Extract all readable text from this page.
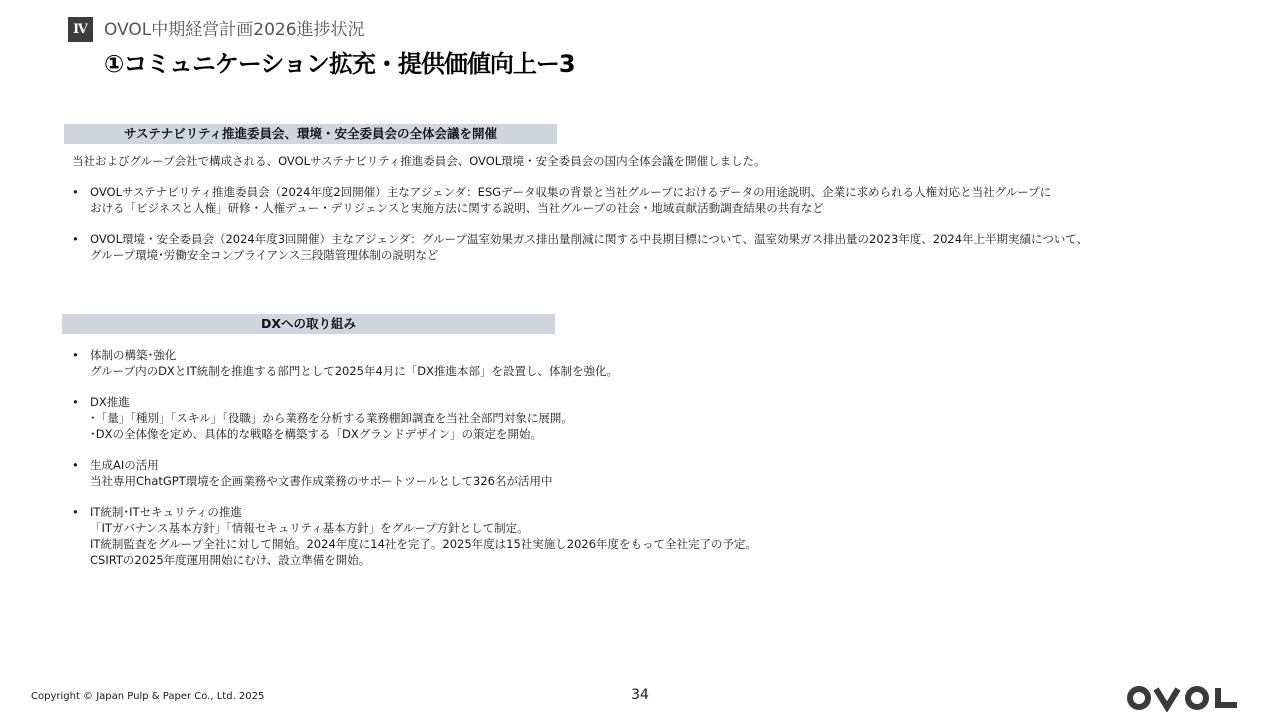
Ⅳ OVOL中期経営計画2026進捗状況
①コミュニケーション拡充・提供価値向上ー3
サステナビリティ推進委員会、環境・安全委員会の全体会議を開催
当社およびグループ会社で構成される、OVOLサステナビリティ推進委員会、OVOL環境・安全委員会の国内全体会議を開催しました。
• OVOLサステナビリティ推進委員会（2024年度2回開催）主なアジェンダ：ESGデータ収集の背景と当社グループにおけるデータの用途説明、企業に求められる人権対応と当社グループに
おける「ビジネスと人権」研修・人権デュー・デリジェンスと実施方法に関する説明、当社グループの社会・地域貢献活動調査結果の共有など
• OVOL環境・安全委員会（2024年度3回開催）主なアジェンダ：グループ温室効果ガス排出量削減に関する中長期目標について、温室効果ガス排出量の2023年度、2024年上半期実績について、
グループ環境･労働安全コンプライアンス三段階管理体制の説明など
DXへの取り組み
• 体制の構築･強化
グループ内のDXとIT統制を推進する部門として2025年4月に「DX推進本部」を設置し、体制を強化。
• DX推進
･「量」「種別」「スキル」「役職」から業務を分析する業務棚卸調査を当社全部門対象に展開。
･DXの全体像を定め、具体的な戦略を構築する「DXグランドデザイン」の策定を開始。
• 生成AIの活用
当社専用ChatGPT環境を企画業務や文書作成業務のサポートツールとして326名が活用中
• IT統制･ITセキュリティの推進
「ITガバナンス基本方針」「情報セキュリティ基本方針」をグループ方針として制定。
IT統制監査をグループ全社に対して開始。2024年度に14社を完了。2025年度は15社実施し2026年度をもって全社完了の予定。
CSIRTの2025年度運用開始にむけ、設立準備を開始。
Copyright © Japan Pulp & Paper Co., Ltd. 2025	34
